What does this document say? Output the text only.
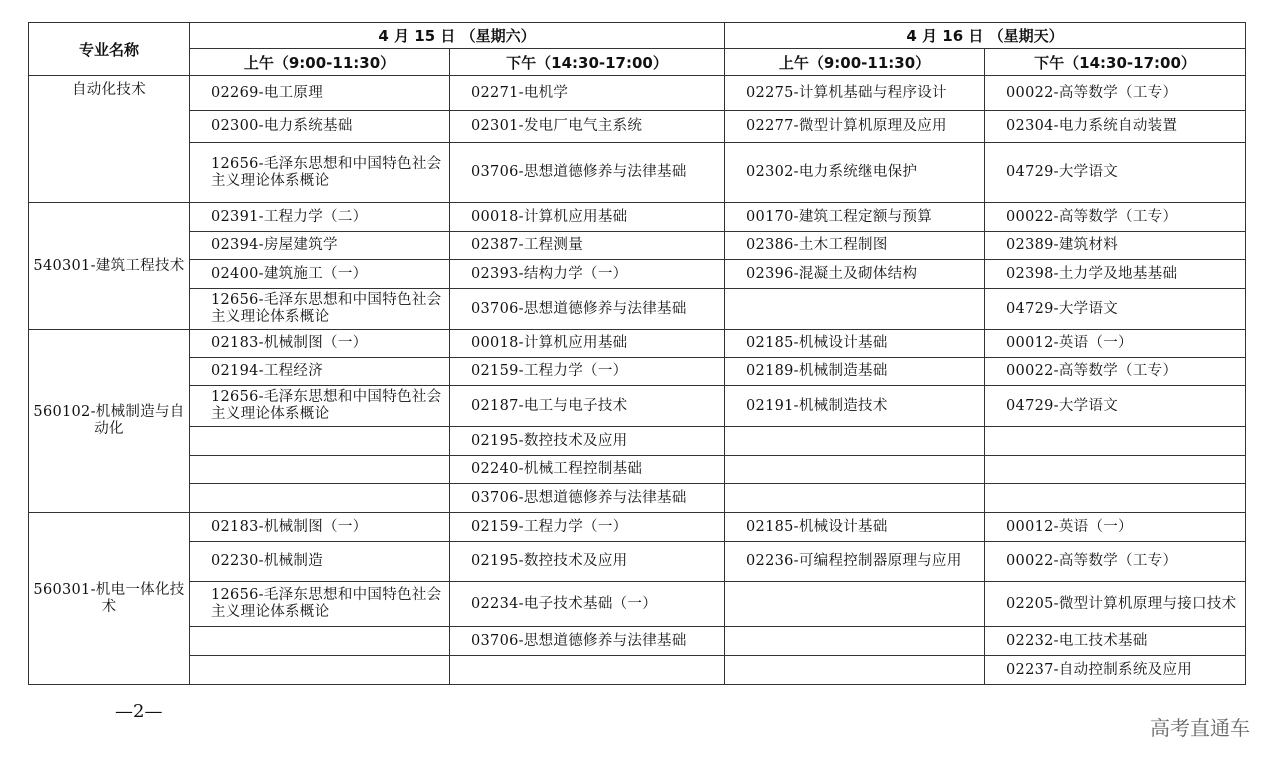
专业名称	4 月 15 日 （星期六）		4 月 16 日 （星期天）	
	上午（9:00-11:30）	下午（14:30-17:00）	上午（9:00-11:30）	下午（14:30-17:00）
自动化技术	02269-电工原理	02271-电机学	02275-计算机基础与程序设计	00022-高等数学（工专）
	02300-电力系统基础	02301-发电厂电气主系统	02277-微型计算机原理及应用	02304-电力系统自动装置
	12656-毛泽东思想和中国特色社会主义理论体系概论	03706-思想道德修养与法律基础	02302-电力系统继电保护	04729-大学语文
540301-建筑工程技术	02391-工程力学（二）	00018-计算机应用基础	00170-建筑工程定额与预算	00022-高等数学（工专）
	02394-房屋建筑学	02387-工程测量	02386-土木工程制图	02389-建筑材料
	02400-建筑施工（一）	02393-结构力学（一）	02396-混凝土及砌体结构	02398-土力学及地基基础
	12656-毛泽东思想和中国特色社会主义理论体系概论	03706-思想道德修养与法律基础		04729-大学语文
560102-机械制造与自动化	02183-机械制图（一）	00018-计算机应用基础	02185-机械设计基础	00012-英语（一）
	02194-工程经济	02159-工程力学（一）	02189-机械制造基础	00022-高等数学（工专）
	12656-毛泽东思想和中国特色社会主义理论体系概论	02187-电工与电子技术	02191-机械制造技术	04729-大学语文
		02195-数控技术及应用		
		02240-机械工程控制基础		
		03706-思想道德修养与法律基础		
560301-机电一体化技术	02183-机械制图（一）	02159-工程力学（一）	02185-机械设计基础	00012-英语（一）
	02230-机械制造	02195-数控技术及应用	02236-可编程控制器原理与应用	00022-高等数学（工专）
	12656-毛泽东思想和中国特色社会主义理论体系概论	02234-电子技术基础（一）		02205-微型计算机原理与接口技术
		03706-思想道德修养与法律基础		02232-电工技术基础
				02237-自动控制系统及应用
—2—
高考直通车
